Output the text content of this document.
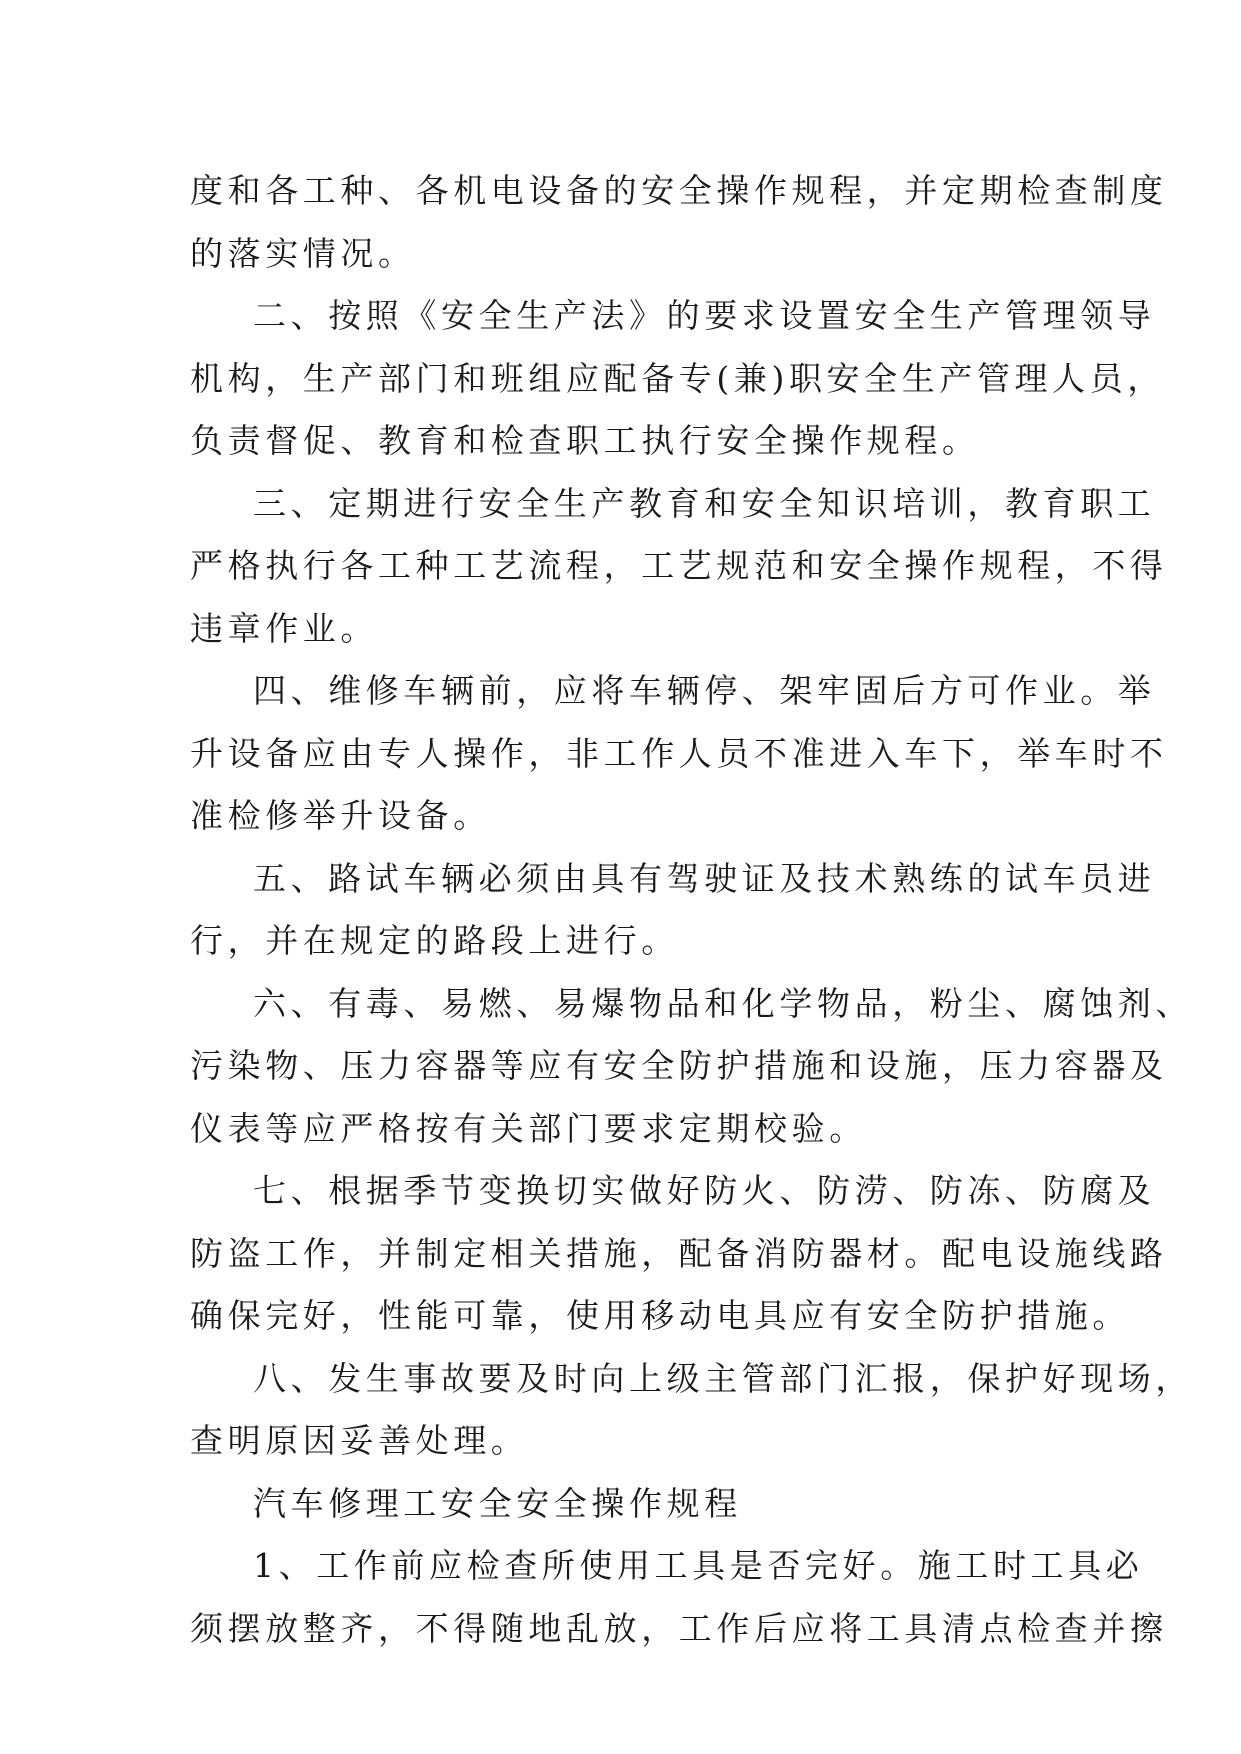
度和各工种、各机电设备的安全操作规程，并定期检查制度
的落实情况。
二、按照《安全生产法》的要求设置安全生产管理领导
机构，生产部门和班组应配备专(兼)职安全生产管理人员，
负责督促、教育和检查职工执行安全操作规程。
三、定期进行安全生产教育和安全知识培训，教育职工
严格执行各工种工艺流程，工艺规范和安全操作规程，不得
违章作业。
四、维修车辆前，应将车辆停、架牢固后方可作业。举
升设备应由专人操作，非工作人员不准进入车下，举车时不
准检修举升设备。
五、路试车辆必须由具有驾驶证及技术熟练的试车员进
行，并在规定的路段上进行。
六、有毒、易燃、易爆物品和化学物品，粉尘、腐蚀剂、
污染物、压力容器等应有安全防护措施和设施，压力容器及
仪表等应严格按有关部门要求定期校验。
七、根据季节变换切实做好防火、防涝、防冻、防腐及
防盗工作，并制定相关措施，配备消防器材。配电设施线路
确保完好，性能可靠，使用移动电具应有安全防护措施。
八、发生事故要及时向上级主管部门汇报，保护好现场，
查明原因妥善处理。
汽车修理工安全安全操作规程
1、工作前应检查所使用工具是否完好。施工时工具必
须摆放整齐，不得随地乱放，工作后应将工具清点检查并擦
